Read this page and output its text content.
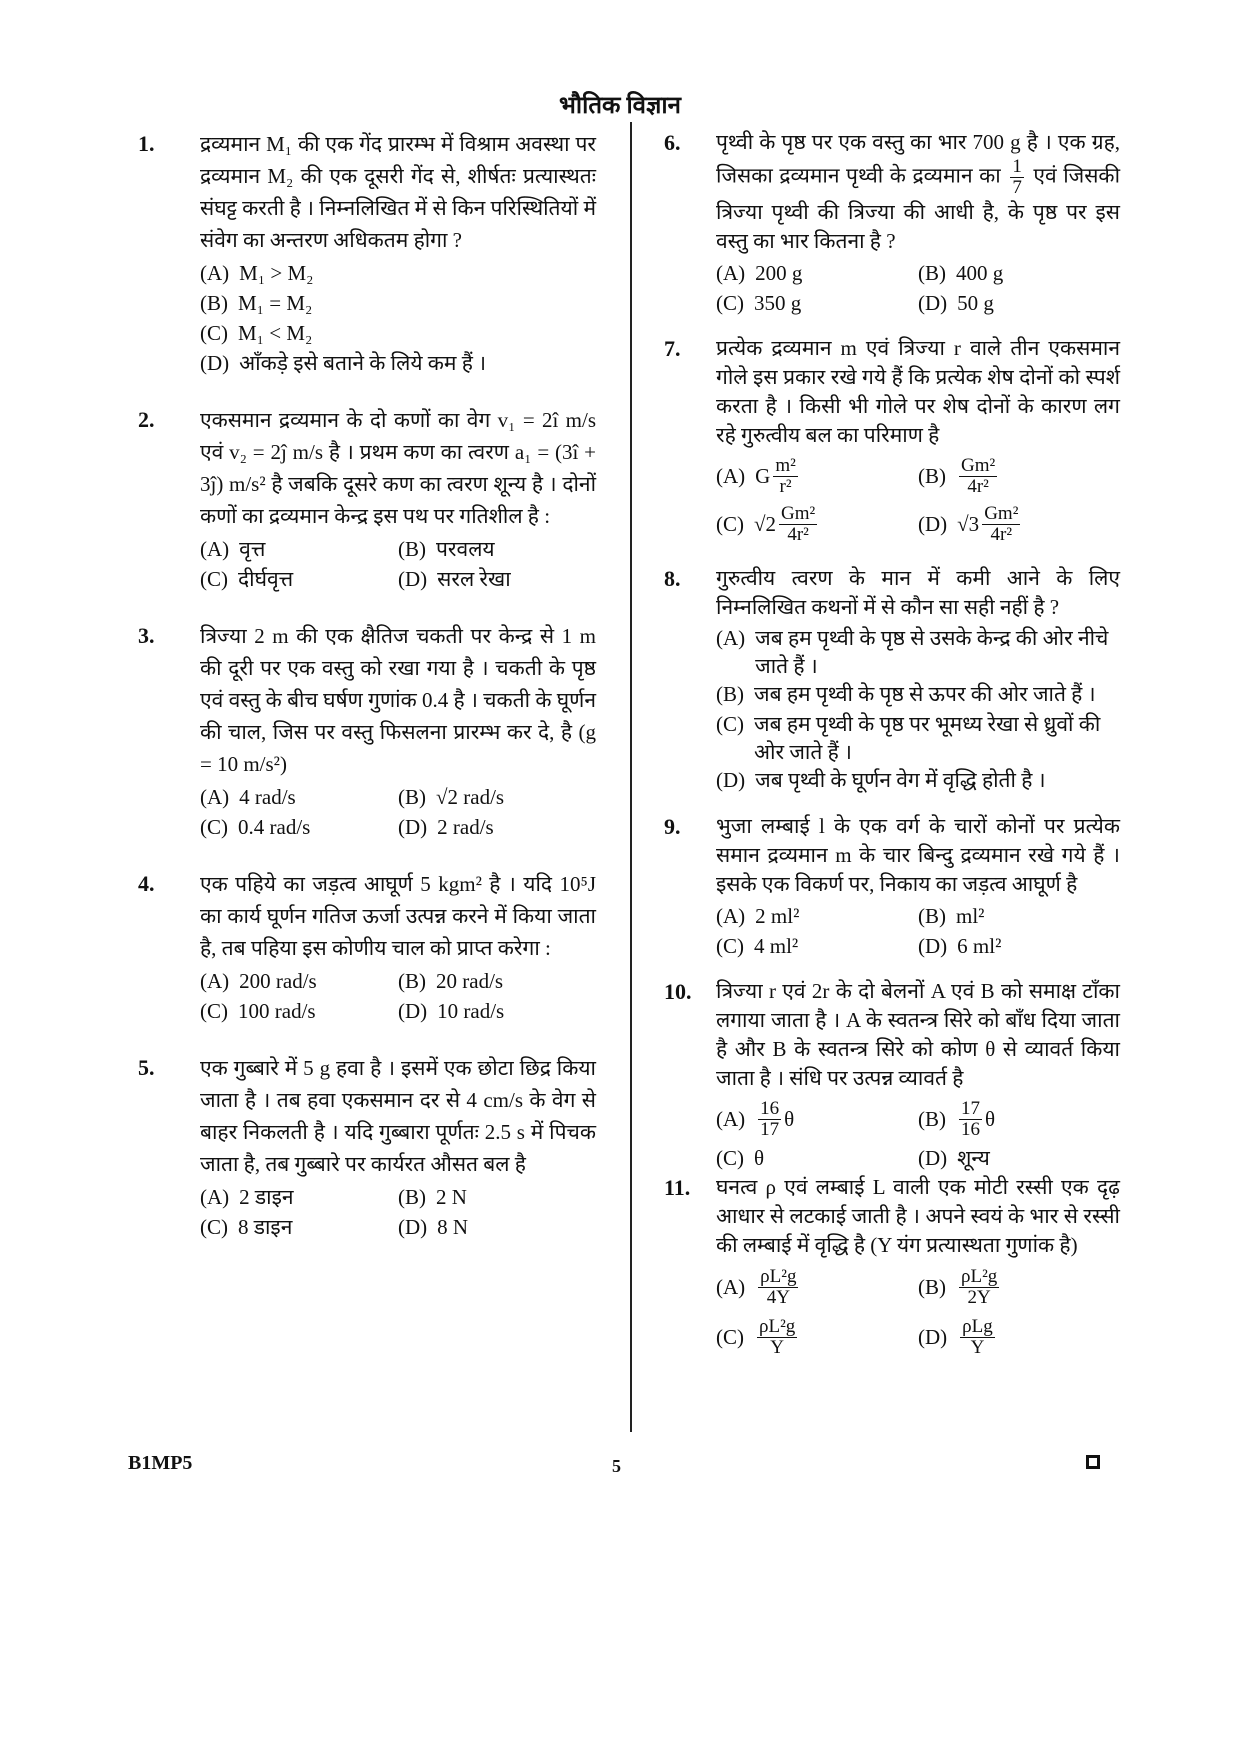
भौतिक विज्ञान
1. द्रव्यमान M₁ की एक गेंद प्रारम्भ में विश्राम अवस्था पर द्रव्यमान M₂ की एक दूसरी गेंद से, शीर्षतः प्रत्यास्थतः संघट्ट करती है । निम्नलिखित में से किन परिस्थितियों में संवेग का अन्तरण अधिकतम होगा ?
(A) M₁ > M₂
(B) M₁ = M₂
(C) M₁ < M₂
(D) आँकड़े इसे बताने के लिये कम हैं ।
2. एकसमान द्रव्यमान के दो कणों का वेग v₁ = 2î m/s एवं v₂ = 2ĵ m/s है । प्रथम कण का त्वरण a₁ = (3î + 3ĵ) m/s² है जबकि दूसरे कण का त्वरण शून्य है । दोनों कणों का द्रव्यमान केन्द्र इस पथ पर गतिशील है :
(A) वृत्त	(B) परवलय
(C) दीर्घवृत्त	(D) सरल रेखा
3. त्रिज्या 2 m की एक क्षैतिज चकती पर केन्द्र से 1 m की दूरी पर एक वस्तु को रखा गया है । चकती के पृष्ठ एवं वस्तु के बीच घर्षण गुणांक 0.4 है । चकती के घूर्णन की चाल, जिस पर वस्तु फिसलना प्रारम्भ कर दे, है (g = 10 m/s²)
(A) 4 rad/s	(B) √2 rad/s
(C) 0.4 rad/s	(D) 2 rad/s
4. एक पहिये का जड़त्व आघूर्ण 5 kgm² है । यदि 10⁵J का कार्य घूर्णन गतिज ऊर्जा उत्पन्न करने में किया जाता है, तब पहिया इस कोणीय चाल को प्राप्त करेगा :
(A) 200 rad/s	(B) 20 rad/s
(C) 100 rad/s	(D) 10 rad/s
5. एक गुब्बारे में 5 g हवा है । इसमें एक छोटा छिद्र किया जाता है । तब हवा एकसमान दर से 4 cm/s के वेग से बाहर निकलती है । यदि गुब्बारा पूर्णतः 2.5 s में पिचक जाता है, तब गुब्बारे पर कार्यरत औसत बल है
(A) 2 डाइन	(B) 2 N
(C) 8 डाइन	(D) 8 N
6. पृथ्वी के पृष्ठ पर एक वस्तु का भार 700 g है । एक ग्रह, जिसका द्रव्यमान पृथ्वी के द्रव्यमान का $\frac{1}{7}$ एवं जिसकी त्रिज्या पृथ्वी की त्रिज्या की आधी है, के पृष्ठ पर इस वस्तु का भार कितना है ?
(A) 200 g	(B) 400 g
(C) 350 g	(D) 50 g
7. प्रत्येक द्रव्यमान m एवं त्रिज्या r वाले तीन एकसमान गोले इस प्रकार रखे गये हैं कि प्रत्येक शेष दोनों को स्पर्श करता है । किसी भी गोले पर शेष दोनों के कारण लग रहे गुरुत्वीय बल का परिमाण है
(A) G $\frac{\text{m²}}{\text{r²}}$	$(B) \frac{\text{Gm²}}{\text{4r²}}$
(C) $√2 \frac{\text{Gm²}}{\text{4r²}}$	(D) $√3 \frac{\text{Gm²}}{\text{4r²}}$
8. गुरुत्वीय त्वरण के मान में कमी आने के लिए निम्नलिखित कथनों में से कौन सा सही नहीं है ?
(A) जब हम पृथ्वी के पृष्ठ से उसके केन्द्र की ओर नीचे जाते हैं ।
(B) जब हम पृथ्वी के पृष्ठ से ऊपर की ओर जाते हैं ।
(C) जब हम पृथ्वी के पृष्ठ पर भूमध्य रेखा से ध्रुवों की ओर जाते हैं ।
(D) जब पृथ्वी के घूर्णन वेग में वृद्धि होती है ।
9. भुजा लम्बाई l के एक वर्ग के चारों कोनों पर प्रत्येक समान द्रव्यमान m के चार बिन्दु द्रव्यमान रखे गये हैं । इसके एक विकर्ण पर, निकाय का जड़त्व आघूर्ण है
(A) 2 ml²	(B) ml²
(C) 4 ml²	(D) 6 ml²
10. त्रिज्या r एवं 2r के दो बेलनों A एवं B को समाक्ष टाँका लगाया जाता है । A के स्वतन्त्र सिरे को बाँध दिया जाता है और B के स्वतन्त्र सिरे को कोण θ से व्यावर्त किया जाता है । संधि पर उत्पन्न व्यावर्त है
$(A) \frac{16}{17}$ θ	$(B) \frac{17}{16}$ θ
(C) θ	(D) शून्य
11. घनत्व ρ एवं लम्बाई L वाली एक मोटी रस्सी एक दृढ़ आधार से लटकाई जाती है । अपने स्वयं के भार से रस्सी की लम्बाई में वृद्धि है (Y यंग प्रत्यास्थता गुणांक है)
$(A) \frac{\text{ρL²g}}{4Y}$	$(B) \frac{\text{ρL²g}}{2Y}$
$(C) \frac{\text{ρL²g}}{Y}$	$(D) \frac{\text{ρLg}}{Y}$
B1MP5	5
